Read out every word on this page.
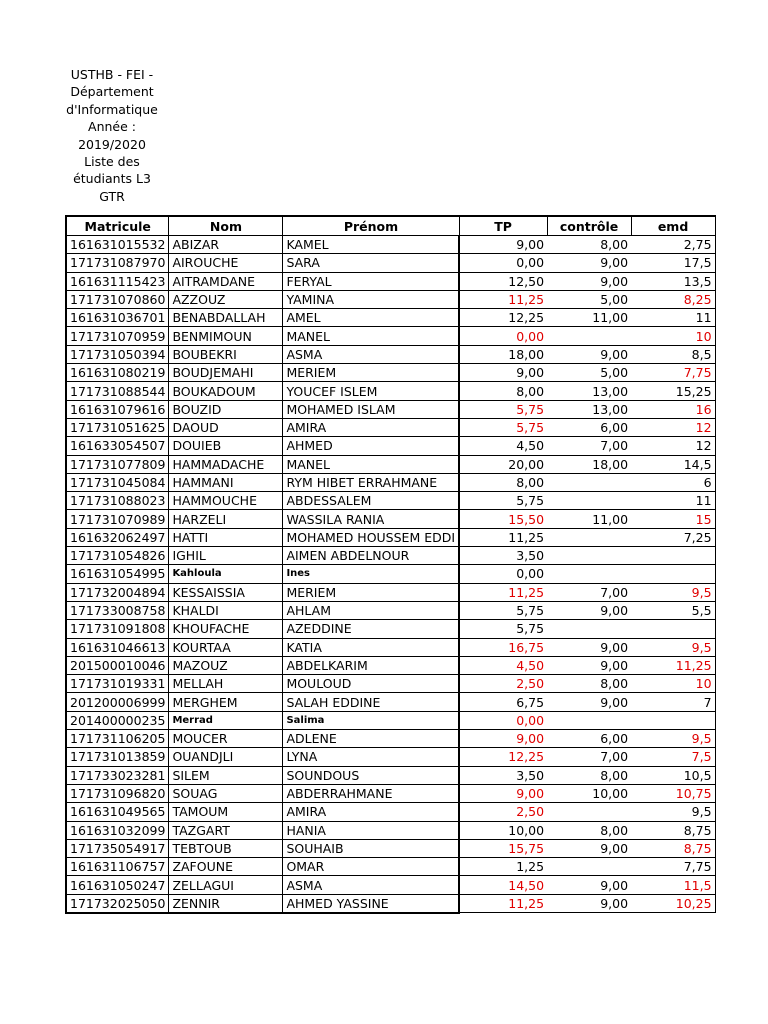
USTHB - FEI -
Département
d'Informatique
Année :
2019/2020
Liste des
étudiants L3
GTR
Matricule	Nom	Prénom	TP	contrôle	emd
161631015532	ABIZAR	KAMEL	9,00	8,00	2,75
171731087970	AIROUCHE	SARA	0,00	9,00	17,5
161631115423	AITRAMDANE	FERYAL	12,50	9,00	13,5
171731070860	AZZOUZ	YAMINA	11,25	5,00	8,25
161631036701	BENABDALLAH	AMEL	12,25	11,00	11
171731070959	BENMIMOUN	MANEL	0,00		10
171731050394	BOUBEKRI	ASMA	18,00	9,00	8,5
161631080219	BOUDJEMAHI	MERIEM	9,00	5,00	7,75
171731088544	BOUKADOUM	YOUCEF ISLEM	8,00	13,00	15,25
161631079616	BOUZID	MOHAMED ISLAM	5,75	13,00	16
171731051625	DAOUD	AMIRA	5,75	6,00	12
161633054507	DOUIEB	AHMED	4,50	7,00	12
171731077809	HAMMADACHE	MANEL	20,00	18,00	14,5
171731045084	HAMMANI	RYM HIBET ERRAHMANE	8,00		6
171731088023	HAMMOUCHE	ABDESSALEM	5,75		11
171731070989	HARZELI	WASSILA RANIA	15,50	11,00	15
161632062497	HATTI	MOHAMED HOUSSEM EDDI	11,25		7,25
171731054826	IGHIL	AIMEN ABDELNOUR	3,50		
161631054995	Kahloula	Ines	0,00		
171732004894	KESSAISSIA	MERIEM	11,25	7,00	9,5
171733008758	KHALDI	AHLAM	5,75	9,00	5,5
171731091808	KHOUFACHE	AZEDDINE	5,75		
161631046613	KOURTAA	KATIA	16,75	9,00	9,5
201500010046	MAZOUZ	ABDELKARIM	4,50	9,00	11,25
171731019331	MELLAH	MOULOUD	2,50	8,00	10
201200006999	MERGHEM	SALAH EDDINE	6,75	9,00	7
201400000235	Merrad	Salima	0,00		
171731106205	MOUCER	ADLENE	9,00	6,00	9,5
171731013859	OUANDJLI	LYNA	12,25	7,00	7,5
171733023281	SILEM	SOUNDOUS	3,50	8,00	10,5
171731096820	SOUAG	ABDERRAHMANE	9,00	10,00	10,75
161631049565	TAMOUM	AMIRA	2,50		9,5
161631032099	TAZGART	HANIA	10,00	8,00	8,75
171735054917	TEBTOUB	SOUHAIB	15,75	9,00	8,75
161631106757	ZAFOUNE	OMAR	1,25		7,75
161631050247	ZELLAGUI	ASMA	14,50	9,00	11,5
171732025050	ZENNIR	AHMED YASSINE	11,25	9,00	10,25
